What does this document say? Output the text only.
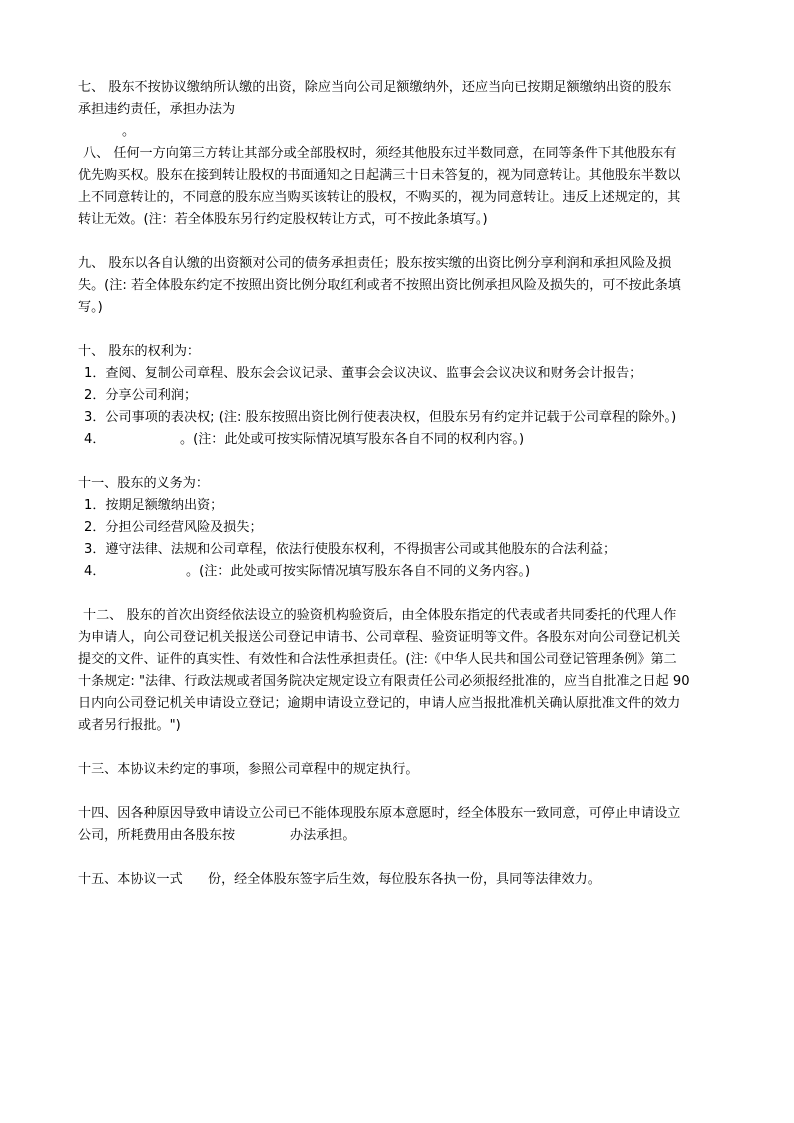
七、 股东不按协议缴纳所认缴的出资，除应当向公司足额缴纳外，还应当向已按期足额缴纳出资的股东
承担违约责任，承担办法为
。
八、 任何一方向第三方转让其部分或全部股权时，须经其他股东过半数同意，在同等条件下其他股东有
优先购买权。股东在接到转让股权的书面通知之日起满三十日未答复的，视为同意转让。其他股东半数以
上不同意转让的，不同意的股东应当购买该转让的股权，不购买的，视为同意转让。违反上述规定的，其
转让无效。(注：若全体股东另行约定股权转让方式，可不按此条填写。)
九、 股东以各自认缴的出资额对公司的债务承担责任；股东按实缴的出资比例分享利润和承担风险及损
失。(注: 若全体股东约定不按照出资比例分取红利或者不按照出资比例承担风险及损失的，可不按此条填
写。)
十、 股东的权利为：
1．查阅、复制公司章程、股东会会议记录、董事会会议决议、监事会会议决议和财务会计报告；
2．分享公司利润；
3．公司事项的表决权; (注: 股东按照出资比例行使表决权，但股东另有约定并记载于公司章程的除外。)
4．	。(注：此处或可按实际情况填写股东各自不同的权利内容。)
十一、股东的义务为：
1．按期足额缴纳出资；
2．分担公司经营风险及损失；
3．遵守法律、法规和公司章程，依法行使股东权利，不得损害公司或其他股东的合法利益；
4．	。(注：此处或可按实际情况填写股东各自不同的义务内容。)
十二、 股东的首次出资经依法设立的验资机构验资后，由全体股东指定的代表或者共同委托的代理人作
为申请人，向公司登记机关报送公司登记申请书、公司章程、验资证明等文件。各股东对向公司登记机关
提交的文件、证件的真实性、有效性和合法性承担责任。(注:《中华人民共和国公司登记管理条例》第二
十条规定: "法律、行政法规或者国务院决定规定设立有限责任公司必须报经批准的，应当自批准之日起 90
日内向公司登记机关申请设立登记；逾期申请设立登记的，申请人应当报批准机关确认原批准文件的效力
或者另行报批。")
十三、本协议未约定的事项，参照公司章程中的规定执行。
十四、因各种原因导致申请设立公司已不能体现股东原本意愿时，经全体股东一致同意，可停止申请设立
公司，所耗费用由各股东按	办法承担。
十五、本协议一式 份，经全体股东签字后生效，每位股东各执一份，具同等法律效力。
